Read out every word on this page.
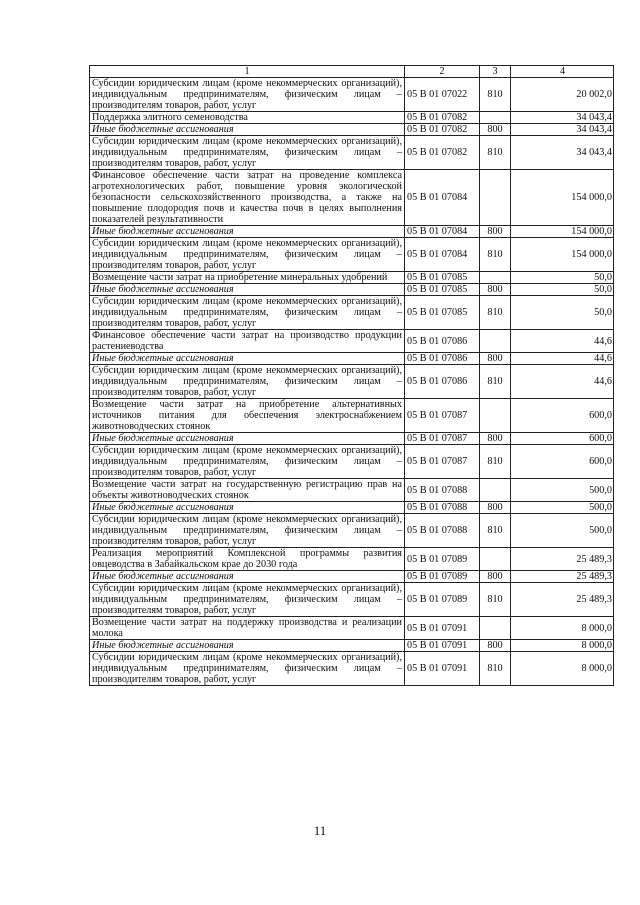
1	2	3	4
Субсидии юридическим лицам (кроме некоммерческих организаций), индивидуальным предпринимателям, физическим лицам – производителям товаров, работ, услуг	05 В 01 07022	810	20 002,0
Поддержка элитного семеноводства	05 В 01 07082		34 043,4
Иные бюджетные ассигнования	05 В 01 07082	800	34 043,4
Субсидии юридическим лицам (кроме некоммерческих организаций), индивидуальным предпринимателям, физическим лицам – производителям товаров, работ, услуг	05 В 01 07082	810	34 043,4
Финансовое обеспечение части затрат на проведение комплекса агротехнологических работ, повышение уровня экологической безопасности сельскохозяйственного производства, а также на повышение плодородия почв и качества почв в целях выполнения показателей результативности	05 В 01 07084		154 000,0
Иные бюджетные ассигнования	05 В 01 07084	800	154 000,0
Субсидии юридическим лицам (кроме некоммерческих организаций), индивидуальным предпринимателям, физическим лицам – производителям товаров, работ, услуг	05 В 01 07084	810	154 000,0
Возмещение части затрат на приобретение минеральных удобрений	05 В 01 07085		50,0
Иные бюджетные ассигнования	05 В 01 07085	800	50,0
Субсидии юридическим лицам (кроме некоммерческих организаций), индивидуальным предпринимателям, физическим лицам – производителям товаров, работ, услуг	05 В 01 07085	810	50,0
Финансовое обеспечение части затрат на производство продукции растениеводства	05 В 01 07086		44,6
Иные бюджетные ассигнования	05 В 01 07086	800	44,6
Субсидии юридическим лицам (кроме некоммерческих организаций), индивидуальным предпринимателям, физическим лицам – производителям товаров, работ, услуг	05 В 01 07086	810	44,6
Возмещение части затрат на приобретение альтернативных источников питания для обеспечения электроснабжением животноводческих стоянок	05 В 01 07087		600,0
Иные бюджетные ассигнования	05 В 01 07087	800	600,0
Субсидии юридическим лицам (кроме некоммерческих организаций), индивидуальным предпринимателям, физическим лицам – производителям товаров, работ, услуг	05 В 01 07087	810	600,0
Возмещение части затрат на государственную регистрацию прав на объекты животноводческих стоянок	05 В 01 07088		500,0
Иные бюджетные ассигнования	05 В 01 07088	800	500,0
Субсидии юридическим лицам (кроме некоммерческих организаций), индивидуальным предпринимателям, физическим лицам – производителям товаров, работ, услуг	05 В 01 07088	810	500,0
Реализация мероприятий Комплексной программы развития овцеводства в Забайкальском крае до 2030 года	05 В 01 07089		25 489,3
Иные бюджетные ассигнования	05 В 01 07089	800	25 489,3
Субсидии юридическим лицам (кроме некоммерческих организаций), индивидуальным предпринимателям, физическим лицам – производителям товаров, работ, услуг	05 В 01 07089	810	25 489,3
Возмещение части затрат на поддержку производства и реализации молока	05 В 01 07091		8 000,0
Иные бюджетные ассигнования	05 В 01 07091	800	8 000,0
Субсидии юридическим лицам (кроме некоммерческих организаций), индивидуальным предпринимателям, физическим лицам – производителям товаров, работ, услуг	05 В 01 07091	810	8 000,0
11
